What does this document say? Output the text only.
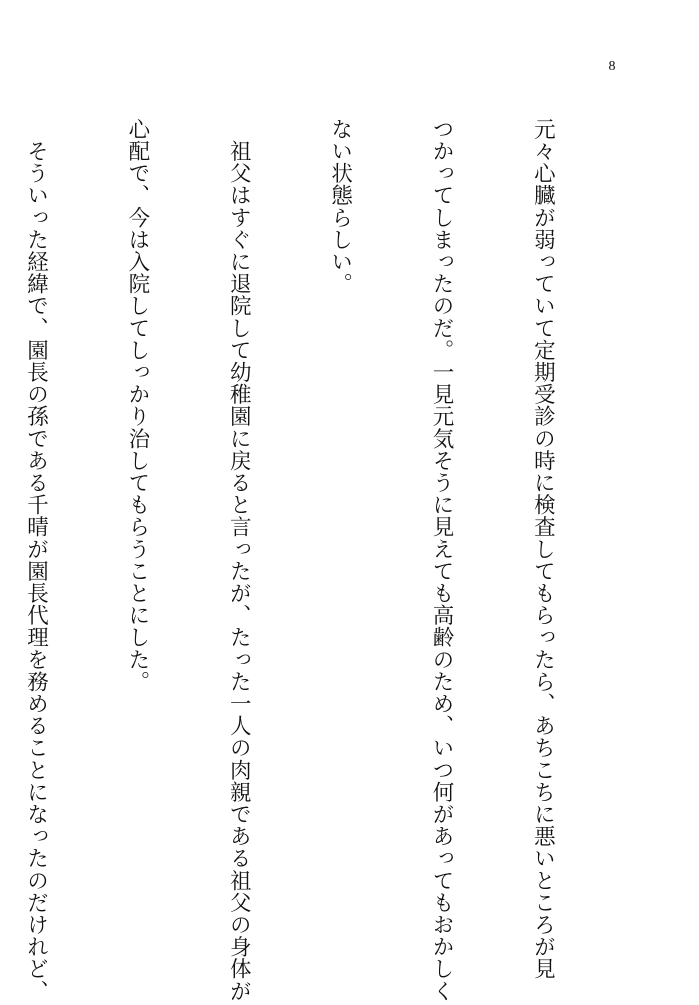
8

元々心臓が弱っていて定期受診の時に検査してもらったら、あちこちに悪いところが見

つかってしまったのだ。一見元気そうに見えても高齢のため、いつ何があってもおかしく

ない状態らしい。

　祖父はすぐに退院して幼稚園に戻ると言ったが、たった一人の肉親である祖父の身体が

心配で、今は入院してしっかり治してもらうことにした。

　そういった経緯で、園長の孫である千晴が園長代理を務めることになったのだけれど、
